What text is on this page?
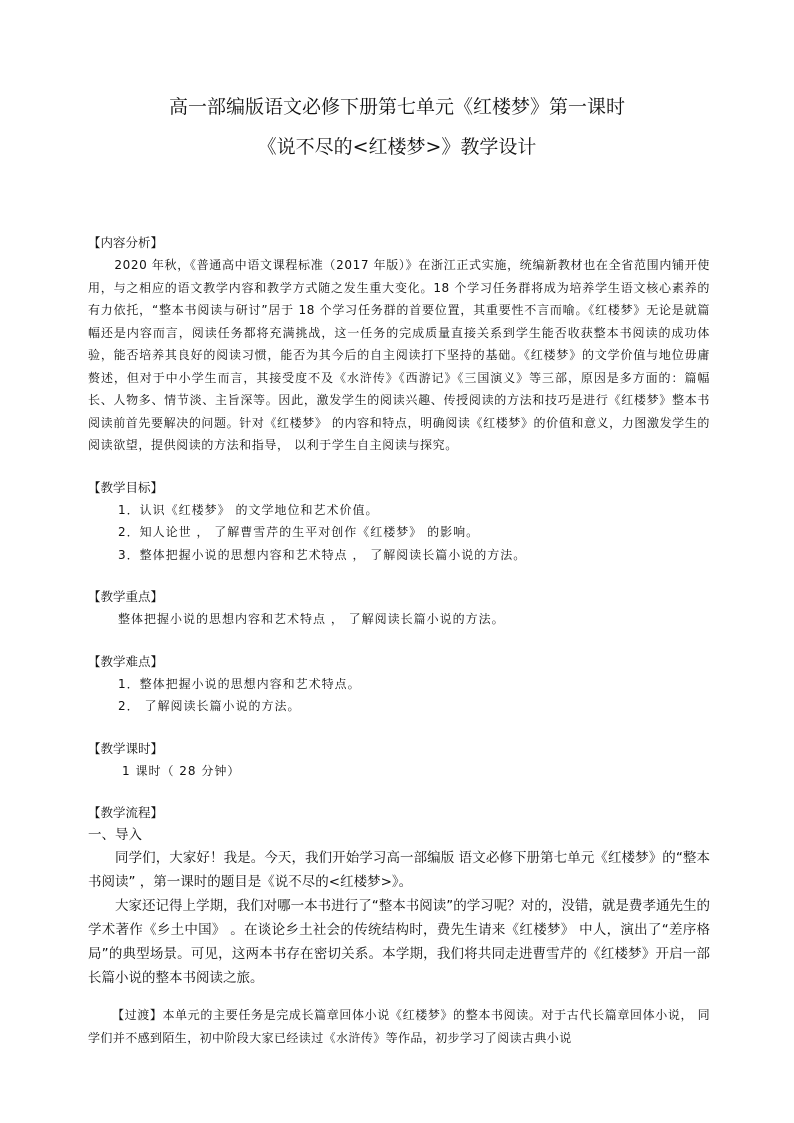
高一部编版语文必修下册第七单元《红楼梦》第一课时
《说不尽的<红楼梦>》教学设计
【内容分析】

2020 年秋，《普通高中语文课程标准（2017 年版）》在浙江正式实施，统编新教材也在全省范围内铺开使用，与之相应的语文教学内容和教学方式随之发生重大变化。18 个学习任务群将成为培养学生语文核心素养的有力依托，“整本书阅读与研讨”居于 18 个学习任务群的首要位置，其重要性不言而喻。《红楼梦》无论是就篇幅还是内容而言，阅读任务都将充满挑战，这一任务的完成质量直接关系到学生能否收获整本书阅读的成功体验，能否培养其良好的阅读习惯，能否为其今后的自主阅读打下坚持的基础。《红楼梦》的文学价值与地位毋庸赘述，但对于中小学生而言，其接受度不及《水浒传》《西游记》《三国演义》等三部，原因是多方面的：篇幅长、人物多、情节淡、主旨深等。因此，激发学生的阅读兴趣、传授阅读的方法和技巧是进行《红楼梦》整本书阅读前首先要解决的问题。针对《红楼梦》 的内容和特点，明确阅读《红楼梦》的价值和意义，力图激发学生的阅读欲望，提供阅读的方法和指导， 以利于学生自主阅读与探究。

【教学目标】

1．认识《红楼梦》 的文学地位和艺术价值。

2．知人论世 ， 了解曹雪芹的生平对创作《红楼梦》 的影响。

3．整体把握小说的思想内容和艺术特点 ， 了解阅读长篇小说的方法。

【教学重点】

整体把握小说的思想内容和艺术特点 ， 了解阅读长篇小说的方法。

【教学难点】

1．整体把握小说的思想内容和艺术特点。

2． 了解阅读长篇小说的方法。

【教学课时】

1 课时（ 28 分钟）

【教学流程】

一、导入

同学们，大家好！我是。今天，我们开始学习高一部编版 语文必修下册第七单元《红楼梦》的“整本书阅读” ，第一课时的题目是《说不尽的<红楼梦>》。

大家还记得上学期，我们对哪一本书进行了“整本书阅读”的学习呢？对的，没错，就是费孝通先生的学术著作《乡土中国》 。在谈论乡土社会的传统结构时，费先生请来《红楼梦》 中人，演出了“差序格局”的典型场景。可见，这两本书存在密切关系。本学期，我们将共同走进曹雪芹的《红楼梦》开启一部长篇小说的整本书阅读之旅。

【过渡】本单元的主要任务是完成长篇章回体小说《红楼梦》的整本书阅读。对于古代长篇章回体小说， 同学们并不感到陌生，初中阶段大家已经读过《水浒传》等作品，初步学习了阅读古典小说
